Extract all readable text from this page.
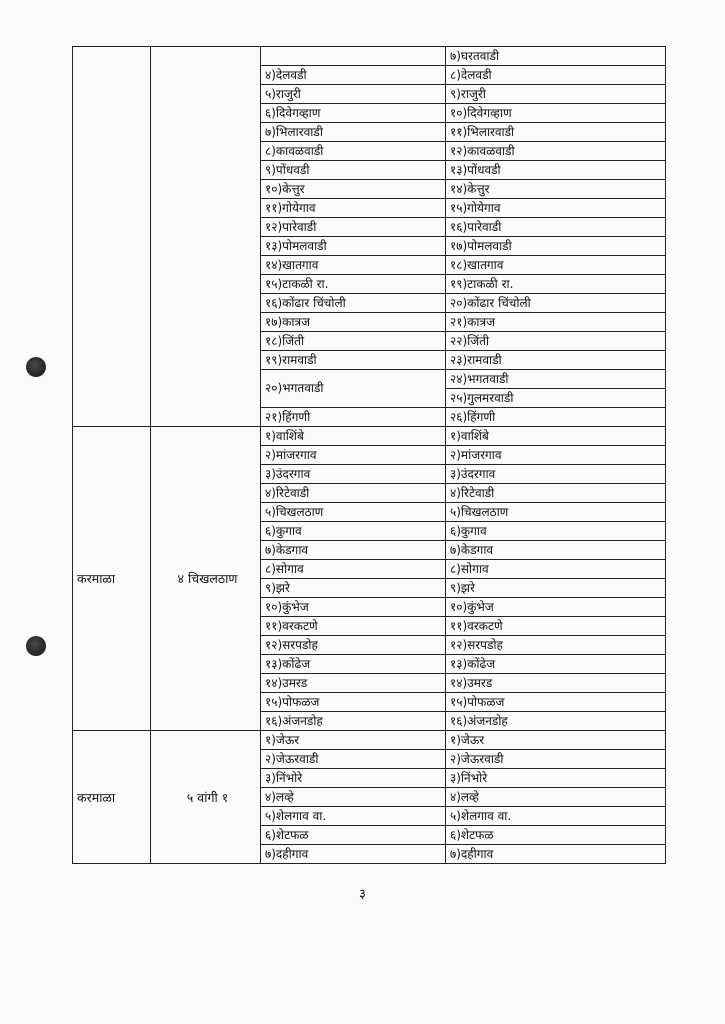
			७)घरतवाडी
		४)देलवडी	८)देलवडी
		५)राजुरी	९)राजुरी
		६)दिवेगव्हाण	१०)दिवेगव्हाण
		७)भिलारवाडी	११)भिलारवाडी
		८)कावळवाडी	१२)कावळवाडी
		९)पोंधवडी	१३)पोंधवडी
		१०)केत्तुर	१४)केत्तुर
		११)गोयेगाव	१५)गोयेगाव
		१२)पारेवाडी	१६)पारेवाडी
		१३)पोमलवाडी	१७)पोमलवाडी
		१४)खातगाव	१८)खातगाव
		१५)टाकळी रा.	१९)टाकळी रा.
		१६)कोंढार चिंचोली	२०)कोंढार चिंचोली
		१७)कात्रज	२१)कात्रज
		१८)जिंती	२२)जिंती
		१९)रामवाडी	२३)रामवाडी
		२०)भगतवाडी	२४)भगतवाडी
			२५)गुलमरवाडी
		२१)हिंगणी	२६)हिंगणी
करमाळा	४ चिखलठाण	१)वाशिंबे	१)वाशिंबे
		२)मांजरगाव	२)मांजरगाव
		३)उंदरगाव	३)उंदरगाव
		४)रिटेवाडी	४)रिटेवाडी
		५)चिखलठाण	५)चिखलठाण
		६)कुगाव	६)कुगाव
		७)केडगाव	७)केडगाव
		८)सोगाव	८)सोगाव
		९)झरे	९)झरे
		१०)कुंभेज	१०)कुंभेज
		११)वरकटणे	११)वरकटणे
		१२)सरपडोह	१२)सरपडोह
		१३)कोंढेज	१३)कोंढेज
		१४)उमरड	१४)उमरड
		१५)पोफळज	१५)पोफळज
		१६)अंजनडोह	१६)अंजनडोह
करमाळा	५ वांगी १	१)जेऊर	१)जेऊर
		२)जेऊरवाडी	२)जेऊरवाडी
		३)निंभोरे	३)निंभोरे
		४)लव्हे	४)लव्हे
		५)शेलगाव वा.	५)शेलगाव वा.
		६)शेटफळ	६)शेटफळ
		७)दहीगाव	७)दहीगाव
३
